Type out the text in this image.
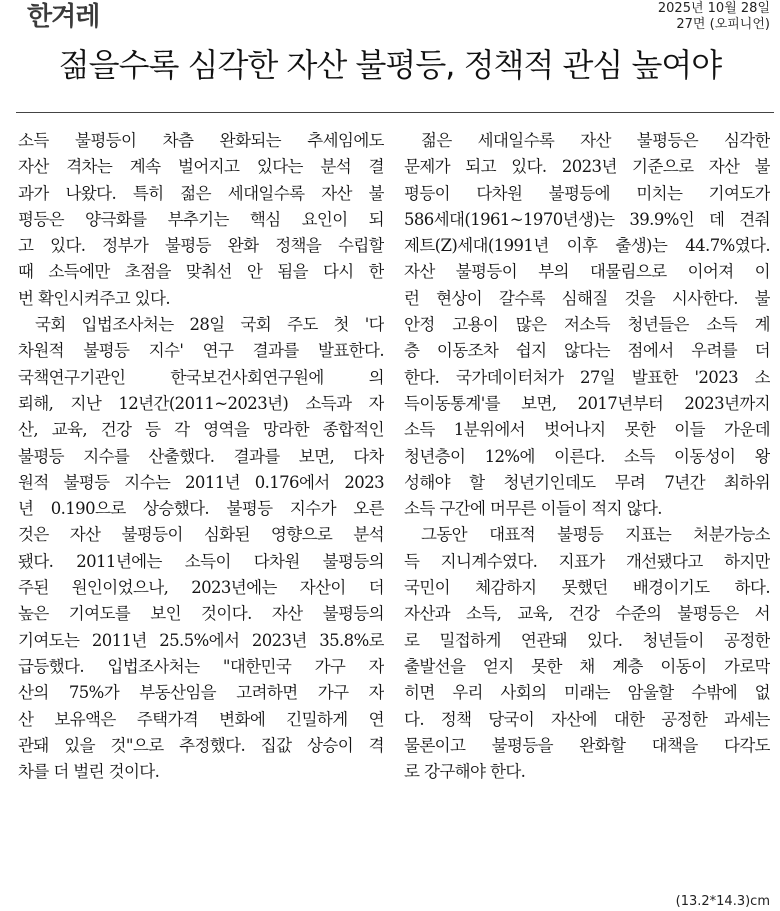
한겨레	2025년 10월 28일
27면 (오피니언)
젊을수록 심각한 자산 불평등, 정책적 관심 높여야
소득 불평등이 차츰 완화되는 추세임에도
자산 격차는 계속 벌어지고 있다는 분석 결
과가 나왔다. 특히 젊은 세대일수록 자산 불
평등은 양극화를 부추기는 핵심 요인이 되
고 있다. 정부가 불평등 완화 정책을 수립할
때 소득에만 초점을 맞춰선 안 됨을 다시 한
번 확인시켜주고 있다.
국회 입법조사처는 28일 국회 주도 첫 '다
차원적 불평등 지수' 연구 결과를 발표한다.
국책연구기관인 한국보건사회연구원에 의
뢰해, 지난 12년간(2011~2023년) 소득과 자
산, 교육, 건강 등 각 영역을 망라한 종합적인
불평등 지수를 산출했다. 결과를 보면, 다차
원적 불평등 지수는 2011년 0.176에서 2023
년 0.190으로 상승했다. 불평등 지수가 오른
것은 자산 불평등이 심화된 영향으로 분석
됐다. 2011년에는 소득이 다차원 불평등의
주된 원인이었으나, 2023년에는 자산이 더
높은 기여도를 보인 것이다. 자산 불평등의
기여도는 2011년 25.5%에서 2023년 35.8%로
급등했다. 입법조사처는 "대한민국 가구 자
산의 75%가 부동산임을 고려하면 가구 자
산 보유액은 주택가격 변화에 긴밀하게 연
관돼 있을 것"으로 추정했다. 집값 상승이 격
차를 더 벌린 것이다.
젊은 세대일수록 자산 불평등은 심각한
문제가 되고 있다. 2023년 기준으로 자산 불
평등이 다차원 불평등에 미치는 기여도가
586세대(1961~1970년생)는 39.9%인 데 견줘
제트(Z)세대(1991년 이후 출생)는 44.7%였다.
자산 불평등이 부의 대물림으로 이어져 이
런 현상이 갈수록 심해질 것을 시사한다. 불
안정 고용이 많은 저소득 청년들은 소득 계
층 이동조차 쉽지 않다는 점에서 우려를 더
한다. 국가데이터처가 27일 발표한 '2023 소
득이동통계'를 보면, 2017년부터 2023년까지
소득 1분위에서 벗어나지 못한 이들 가운데
청년층이 12%에 이른다. 소득 이동성이 왕
성해야 할 청년기인데도 무려 7년간 최하위
소득 구간에 머무른 이들이 적지 않다.
그동안 대표적 불평등 지표는 처분가능소
득 지니계수였다. 지표가 개선됐다고 하지만
국민이 체감하지 못했던 배경이기도 하다.
자산과 소득, 교육, 건강 수준의 불평등은 서
로 밀접하게 연관돼 있다. 청년들이 공정한
출발선을 얻지 못한 채 계층 이동이 가로막
히면 우리 사회의 미래는 암울할 수밖에 없
다. 정책 당국이 자산에 대한 공정한 과세는
물론이고 불평등을 완화할 대책을 다각도
로 강구해야 한다.
(13.2*14.3)cm
